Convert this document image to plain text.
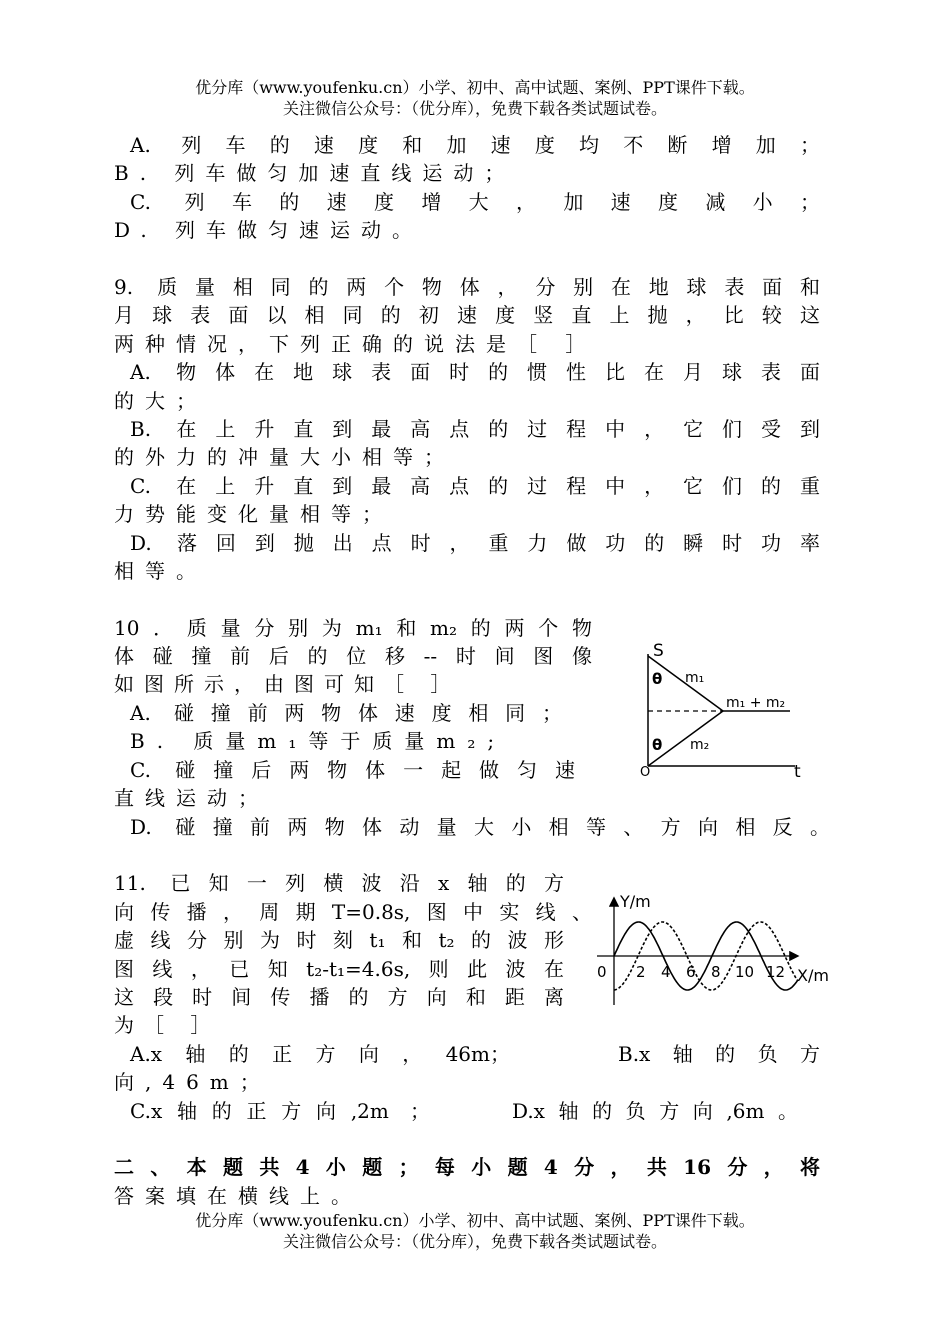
优分库（www.youfenku.cn）小学、初中、高中试题、案例、PPT课件下载。
关注微信公众号：（优分库），免费下载各类试题试卷。
A. 列车的速度和加速度均不断增加；
B. 列车做匀加速直线运动；
C. 列车的速度增大，加速度减小；
D. 列车做匀速运动。
9. 质量相同的两个物体，分别在地球表面和
月球表面以相同的初速度竖直上抛，比较这
两种情况，下列正确的说法是［ ］
A. 物体在地球表面时的惯性比在月球表面
的大；
B. 在上升直到最高点的过程中，它们受到
的外力的冲量大小相等；
C. 在上升直到最高点的过程中，它们的重
力势能变化量相等；
D. 落回到抛出点时，重力做功的瞬时功率
相等。
10．质量分别为m₁和m₂的两个物
体碰撞前后的位移--时间图像
如图所示，由图可知［ ］
A. 碰撞前两物体速度相同；
B. 质量m₁等于质量m₂;
C. 碰撞后两物体一起做匀速
直线运动；
D. 碰撞前两物体动量大小相等、方向相反。
S
t
O
θ
θ
m₁
m₂
m₁ + m₂
11. 已知一列横波沿x轴的方
向传播，周期T=0.8s,图中实线、
虚线分别为时刻t₁和t₂的波形
图线，已知t₂-t₁=4.6s,则此波在
这段时间传播的方向和距离
为［ ］
A.x轴的正方向，46m；	B.x轴的负方
向,46m；
C.x轴的正方向,2m ；	D.x轴的负方向,6m。
Y/m
X/m
0 2 4 6 8 10 12
二、本题共4小题；每小题4分，共16分，将
答案填在横线上。
优分库（www.youfenku.cn）小学、初中、高中试题、案例、PPT课件下载。
关注微信公众号：（优分库），免费下载各类试题试卷。
